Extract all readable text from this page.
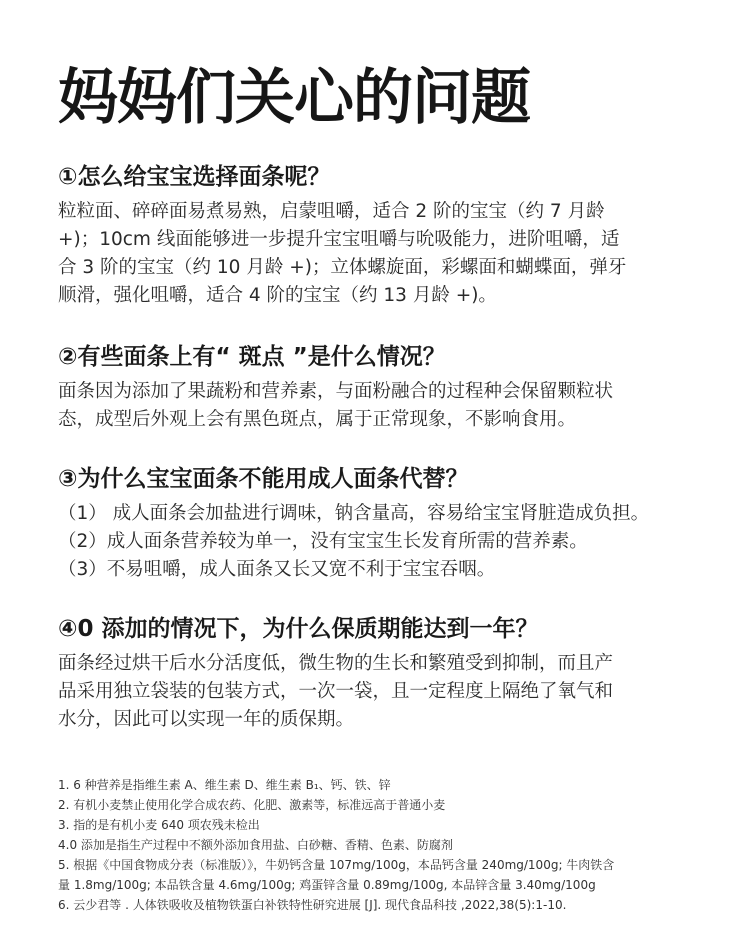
妈妈们关心的问题
①怎么给宝宝选择面条呢？

粒粒面、碎碎面易煮易熟，启蒙咀嚼，适合 2 阶的宝宝（约 7 月龄
+)；10cm 线面能够进一步提升宝宝咀嚼与吮吸能力，进阶咀嚼，适
合 3 阶的宝宝（约 10 月龄 +)；立体螺旋面，彩螺面和蝴蝶面，弹牙
顺滑，强化咀嚼，适合 4 阶的宝宝（约 13 月龄 +)。

②有些面条上有“ 斑点 ”是什么情况？

面条因为添加了果蔬粉和营养素，与面粉融合的过程种会保留颗粒状
态，成型后外观上会有黑色斑点，属于正常现象，不影响食用。

③为什么宝宝面条不能用成人面条代替？

（1） 成人面条会加盐进行调味，钠含量高，容易给宝宝肾脏造成负担。
（2）成人面条营养较为单一，没有宝宝生长发育所需的营养素。
（3）不易咀嚼，成人面条又长又宽不利于宝宝吞咽。

④0 添加的情况下，为什么保质期能达到一年？

面条经过烘干后水分活度低，微生物的生长和繁殖受到抑制，而且产
品采用独立袋装的包装方式，一次一袋，且一定程度上隔绝了氧气和
水分，因此可以实现一年的质保期。

1. 6 种营养是指维生素 A、维生素 D、维生素 B₁、钙、铁、锌
2. 有机小麦禁止使用化学合成农药、化肥、激素等，标准远高于普通小麦
3. 指的是有机小麦 640 项农残未检出
4.0 添加是指生产过程中不额外添加食用盐、白砂糖、香精、色素、防腐剂
5. 根据《中国食物成分表（标准版）》，牛奶钙含量 107mg/100g，本品钙含量 240mg/100g; 牛肉铁含
量 1.8mg/100g; 本品铁含量 4.6mg/100g; 鸡蛋锌含量 0.89mg/100g, 本品锌含量 3.40mg/100g
6. 云少君等 . 人体铁吸收及植物铁蛋白补铁特性研究进展 [J]. 现代食品科技 ,2022,38(5):1-10.
